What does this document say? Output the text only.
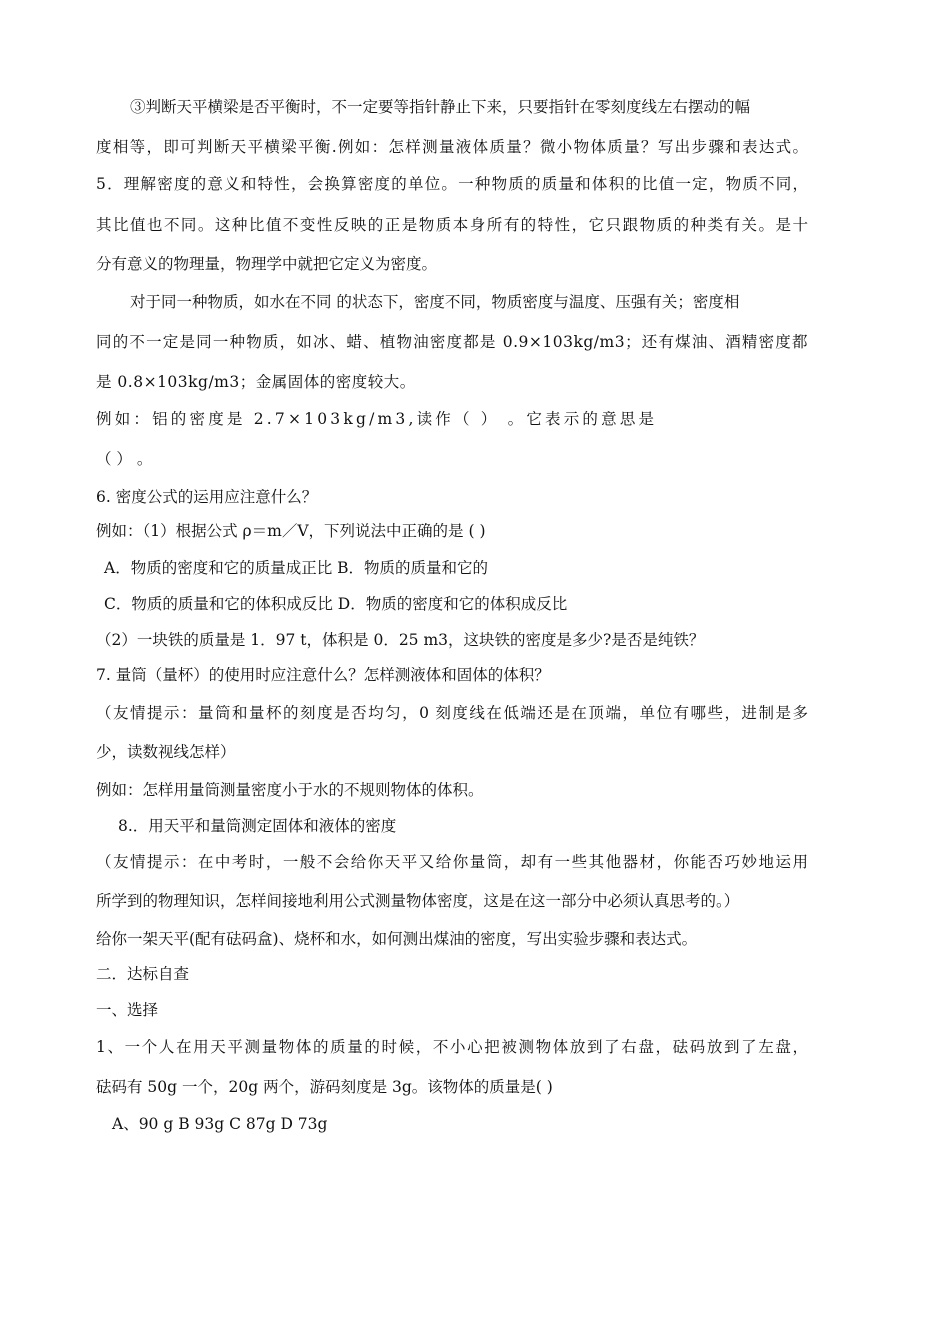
③判断天平横梁是否平衡时，不一定要等指针静止下来，只要指针在零刻度线左右摆动的幅
度相等，即可判断天平横梁平衡.例如：怎样测量液体质量？微小物体质量？写出步骤和表达式。
5．理解密度的意义和特性，会换算密度的单位。一种物质的质量和体积的比值一定，物质不同，
其比值也不同。这种比值不变性反映的正是物质本身所有的特性，它只跟物质的种类有关。是十
分有意义的物理量，物理学中就把它定义为密度。
对于同一种物质，如水在不同 的状态下，密度不同，物质密度与温度、压强有关；密度相
同的不一定是同一种物质，如冰、蜡、植物油密度都是 0.9×103kg/m3；还有煤油、酒精密度都
是 0.8×103kg/m3；金属固体的密度较大。
例如：铝的密度是 2.7×103kg/m3,读作（ ） 。它表示的意思是
（ ） 。
6. 密度公式的运用应注意什么？
例如：（1）根据公式 ρ＝m／V，下列说法中正确的是 ( )
A．物质的密度和它的质量成正比 B．物质的质量和它的
C．物质的质量和它的体积成反比 D．物质的密度和它的体积成反比
（2）一块铁的质量是 1．97 t，体积是 0．25 m3，这块铁的密度是多少?是否是纯铁？
7. 量筒（量杯）的使用时应注意什么？怎样测液体和固体的体积？
（友情提示：量筒和量杯的刻度是否均匀，0 刻度线在低端还是在顶端，单位有哪些，进制是多
少，读数视线怎样）
例如：怎样用量筒测量密度小于水的不规则物体的体积。
8.．用天平和量筒测定固体和液体的密度
（友情提示：在中考时，一般不会给你天平又给你量筒，却有一些其他器材，你能否巧妙地运用
所学到的物理知识，怎样间接地利用公式测量物体密度，这是在这一部分中必须认真思考的。）
给你一架天平(配有砝码盒)、烧杯和水，如何测出煤油的密度，写出实验步骤和表达式。
二．达标自查
一、选择
1、一个人在用天平测量物体的质量的时候，不小心把被测物体放到了右盘，砝码放到了左盘，
砝码有 50g 一个，20g 两个，游码刻度是 3g。该物体的质量是( )
A、90 g B 93g C 87g D 73g
